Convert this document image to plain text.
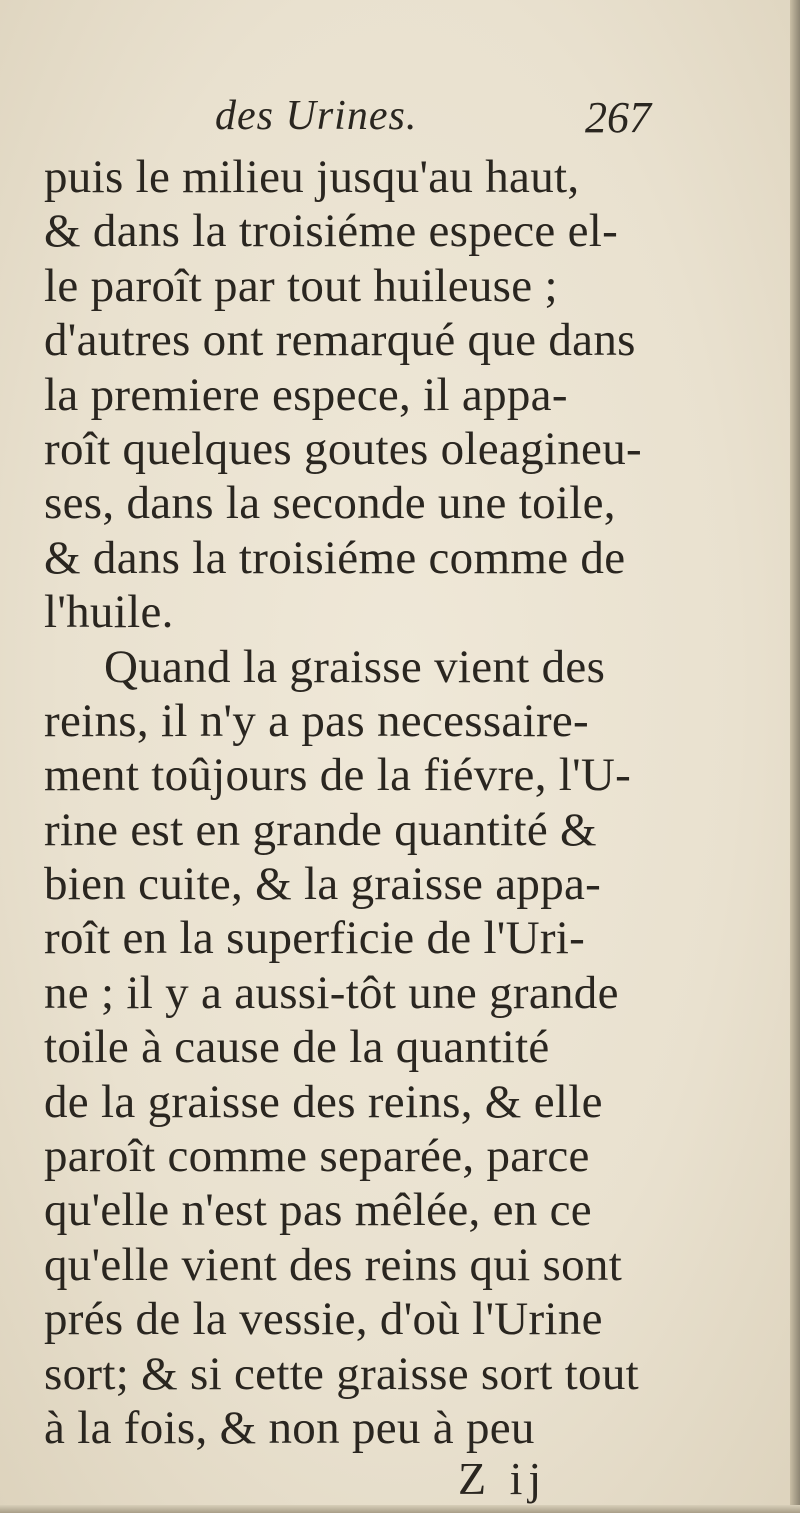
des Urines.	267
puis le milieu jusqu'au haut,
& dans la troisiéme espece el-
le paroît par tout huileuse ;
d'autres ont remarqué que dans
la premiere espece, il appa-
roît quelques goutes oleagineu-
ses, dans la seconde une toile,
& dans la troisiéme comme de
l'huile.
Quand la graisse vient des
reins, il n'y a pas necessaire-
ment toûjours de la fiévre, l'U-
rine est en grande quantité &
bien cuite, & la graisse appa-
roît en la superficie de l'Uri-
ne ; il y a aussi-tôt une grande
toile à cause de la quantité
de la graisse des reins, & elle
paroît comme separée, parce
qu'elle n'est pas mêlée, en ce
qu'elle vient des reins qui sont
prés de la vessie, d'où l'Urine
sort; & si cette graisse sort tout
à la fois, & non peu à peu
Z ij
